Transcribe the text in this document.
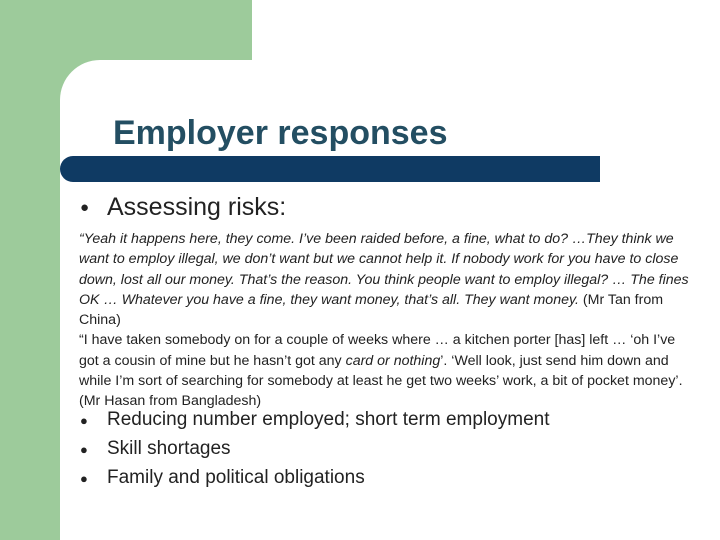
Employer responses
● Assessing risks:

“Yeah it happens here, they come. I’ve been raided before, a fine, what to do? …They think we want to employ illegal, we don’t want but we cannot help it. If nobody work for you have to close down, lost all our money. That’s the reason. You think people want to employ illegal? … The fines OK … Whatever you have a fine, they want money, that’s all. They want money. (Mr Tan from China)

“I have taken somebody on for a couple of weeks where … a kitchen porter [has] left … ‘oh I’ve got a cousin of mine but he hasn’t got any card or nothing’. ‘Well look, just send him down and while I’m sort of searching for somebody at least he get two weeks’ work, a bit of pocket money’. (Mr Hasan from Bangladesh)

● Reducing number employed; short term employment
● Skill shortages
● Family and political obligations
